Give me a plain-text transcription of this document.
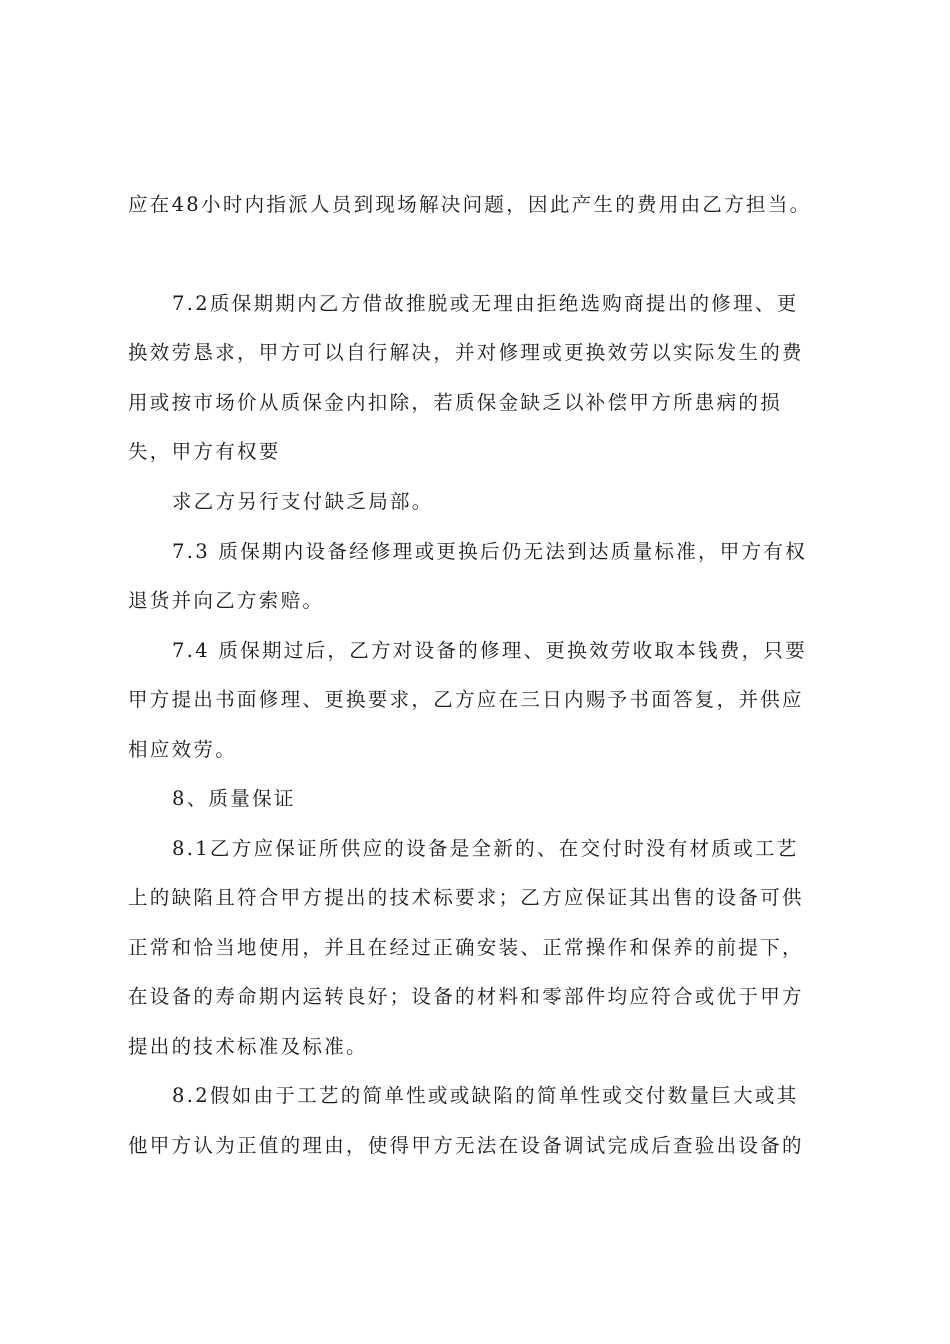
应在48小时内指派人员到现场解决问题，因此产生的费用由乙方担当。

7.2质保期期内乙方借故推脱或无理由拒绝选购商提出的修理、更

换效劳恳求，甲方可以自行解决，并对修理或更换效劳以实际发生的费

用或按市场价从质保金内扣除，若质保金缺乏以补偿甲方所患病的损

失，甲方有权要

求乙方另行支付缺乏局部。

7.3 质保期内设备经修理或更换后仍无法到达质量标准，甲方有权

退货并向乙方索赔。

7.4 质保期过后，乙方对设备的修理、更换效劳收取本钱费，只要

甲方提出书面修理、更换要求，乙方应在三日内赐予书面答复，并供应

相应效劳。

8、质量保证

8.1乙方应保证所供应的设备是全新的、在交付时没有材质或工艺

上的缺陷且符合甲方提出的技术标要求；乙方应保证其出售的设备可供

正常和恰当地使用，并且在经过正确安装、正常操作和保养的前提下，

在设备的寿命期内运转良好；设备的材料和零部件均应符合或优于甲方

提出的技术标准及标准。

8.2假如由于工艺的简单性或或缺陷的简单性或交付数量巨大或其

他甲方认为正值的理由，使得甲方无法在设备调试完成后查验出设备的
